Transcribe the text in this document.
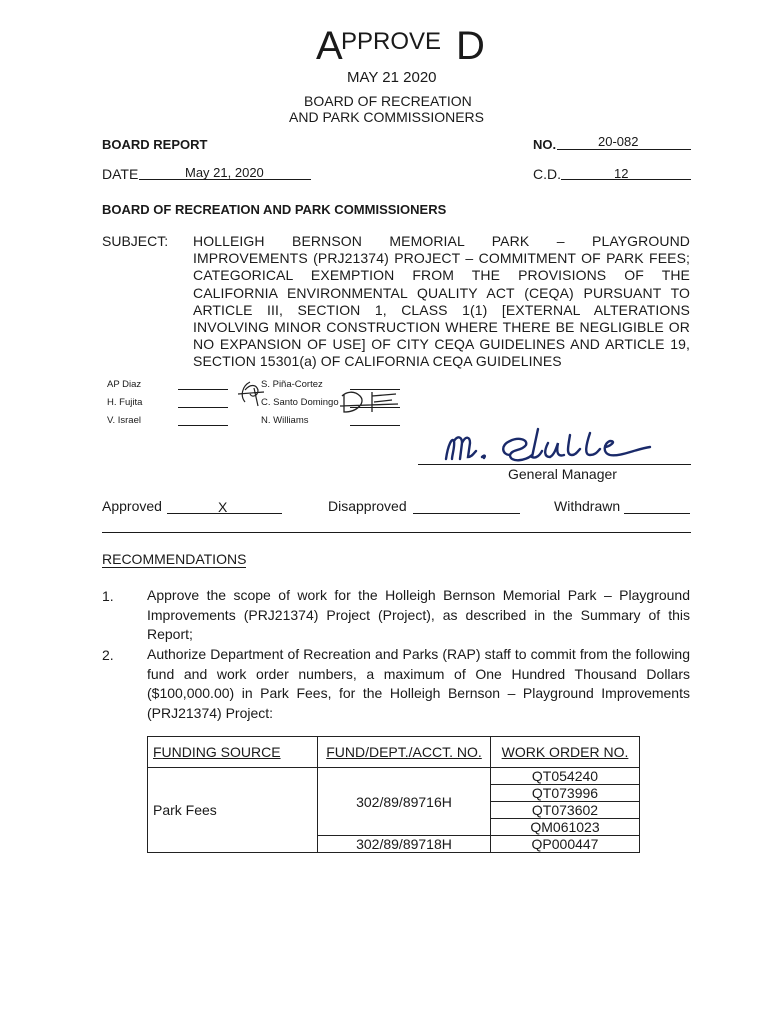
A PPROVE D
MAY 21 2020
BOARD OF RECREATION
AND PARK COMMISSIONERS
BOARD REPORT	NO.	20-082
DATE	May 21, 2020	C.D.	12
BOARD OF RECREATION AND PARK COMMISSIONERS
SUBJECT: HOLLEIGH BERNSON MEMORIAL PARK – PLAYGROUND IMPROVEMENTS (PRJ21374) PROJECT – COMMITMENT OF PARK FEES; CATEGORICAL EXEMPTION FROM THE PROVISIONS OF THE CALIFORNIA ENVIRONMENTAL QUALITY ACT (CEQA) PURSUANT TO ARTICLE III, SECTION 1, CLASS 1(1) [EXTERNAL ALTERATIONS INVOLVING MINOR CONSTRUCTION WHERE THERE BE NEGLIGIBLE OR NO EXPANSION OF USE] OF CITY CEQA GUIDELINES AND ARTICLE 19, SECTION 15301(a) OF CALIFORNIA CEQA GUIDELINES
AP Diaz
H. Fujita
V. Israel
S. Piña-Cortez
C. Santo Domingo
N. Williams
General Manager
Approved	X	Disapproved	Withdrawn
RECOMMENDATIONS
1. Approve the scope of work for the Holleigh Bernson Memorial Park – Playground Improvements (PRJ21374) Project (Project), as described in the Summary of this Report;
2. Authorize Department of Recreation and Parks (RAP) staff to commit from the following fund and work order numbers, a maximum of One Hundred Thousand Dollars ($100,000.00) in Park Fees, for the Holleigh Bernson – Playground Improvements (PRJ21374) Project:
FUNDING SOURCE	FUND/DEPT./ACCT. NO.	WORK ORDER NO.
Park Fees	302/89/89716H	QT054240
		QT073996
		QT073602
		QM061023
	302/89/89718H	QP000447
